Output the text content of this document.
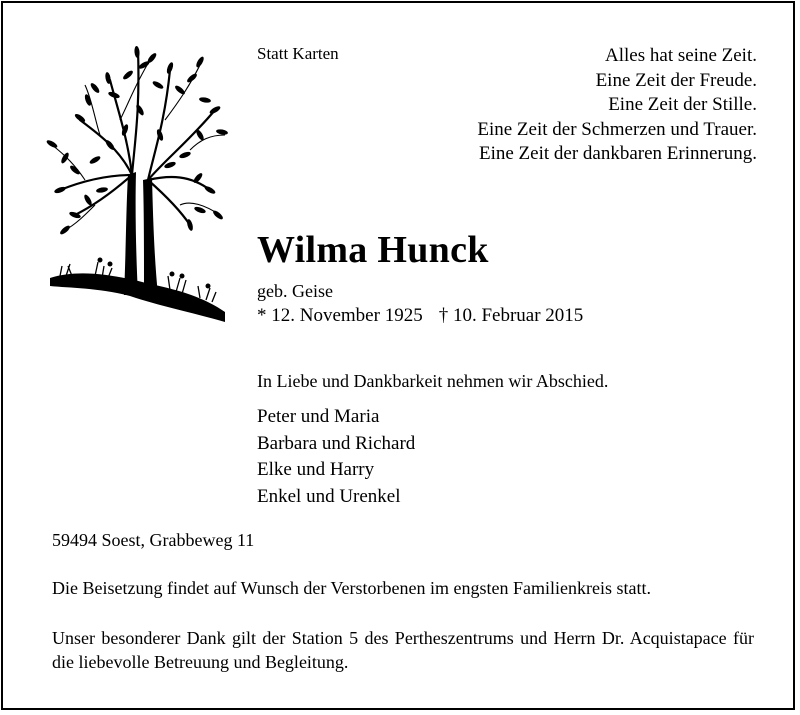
Statt Karten	Alles hat seine Zeit.
Eine Zeit der Freude.
Eine Zeit der Stille.
Eine Zeit der Schmerzen und Trauer.
Eine Zeit der dankbaren Erinnerung.
Wilma Hunck
geb. Geise
* 12. November 1925 † 10. Februar 2015
In Liebe und Dankbarkeit nehmen wir Abschied.
Peter und Maria
Barbara und Richard
Elke und Harry
Enkel und Urenkel
59494 Soest, Grabbeweg 11
Die Beisetzung findet auf Wunsch der Verstorbenen im engsten Familienkreis statt.
Unser besonderer Dank gilt der Station 5 des Pertheszentrums und Herrn Dr. Acquistapace für die liebevolle Betreuung und Begleitung.
